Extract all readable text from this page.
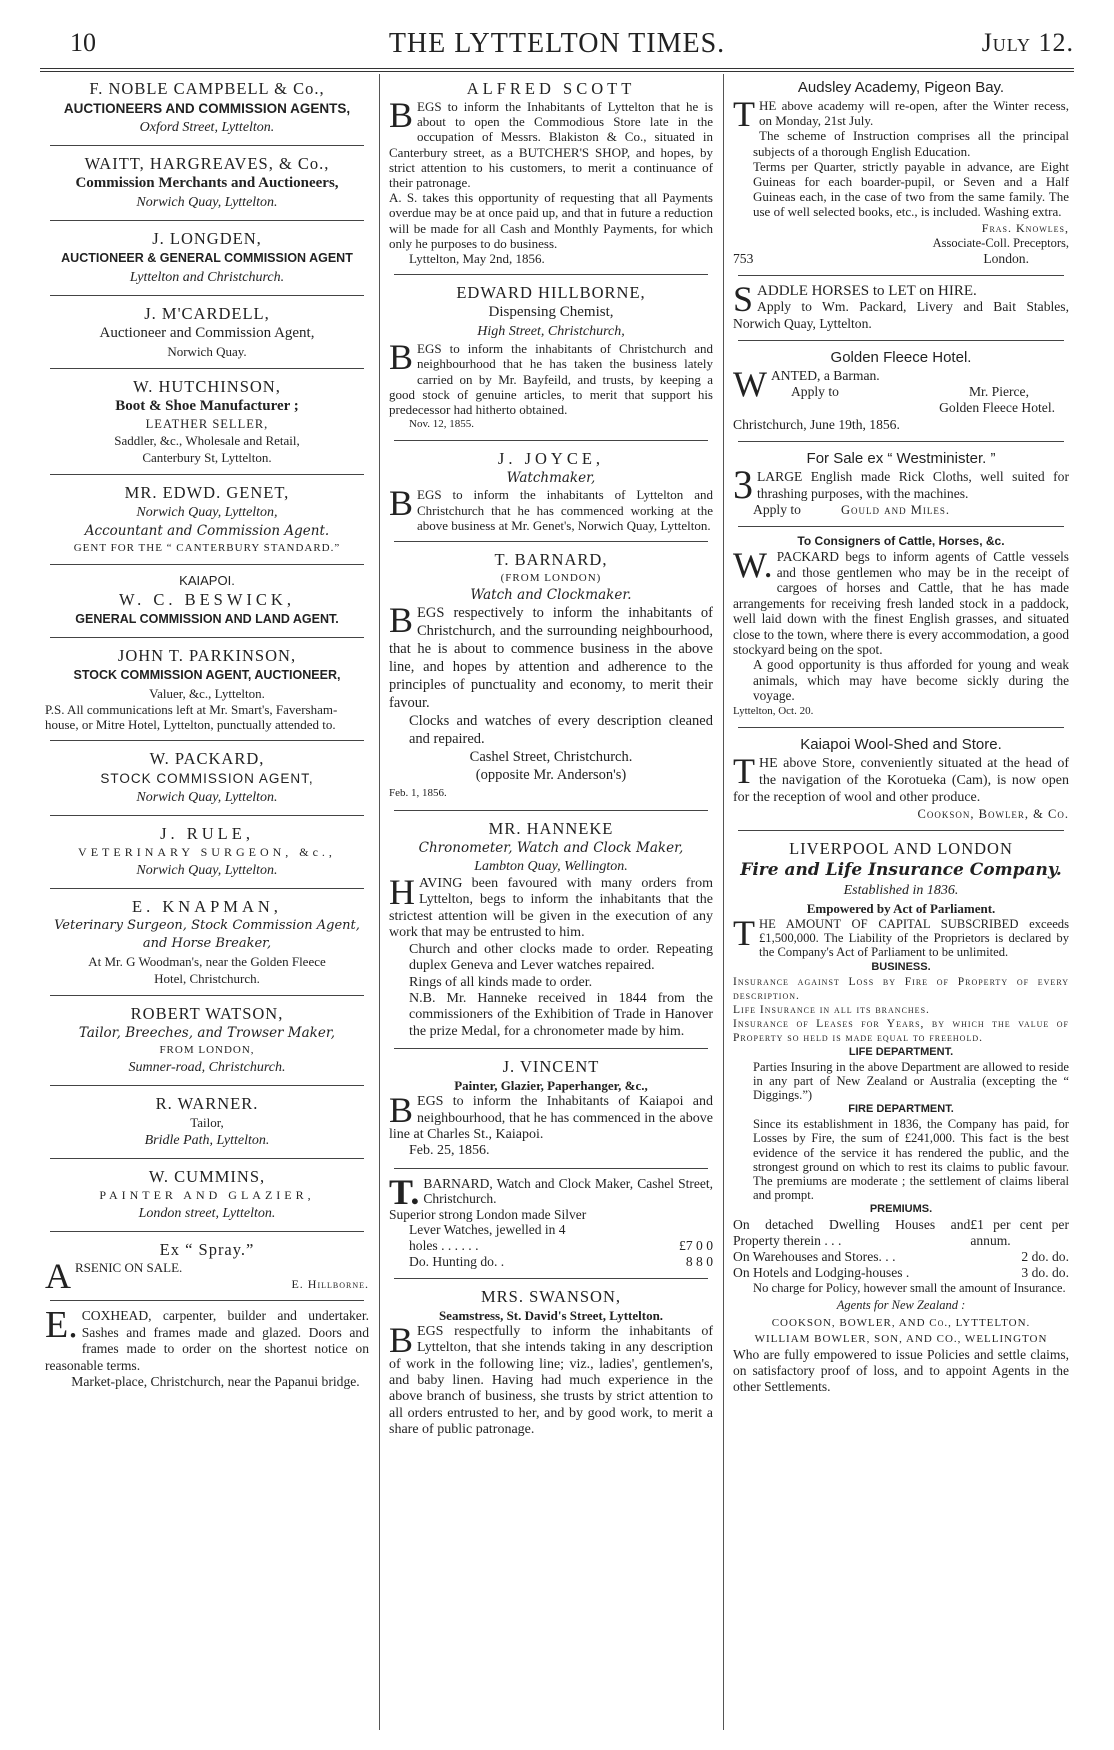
10	THE LYTTELTON TIMES.	July 12.
F. NOBLE CAMPBELL & Co.,
AUCTIONEERS AND COMMISSION AGENTS,
Oxford Street, Lyttelton.
WAITT, HARGREAVES, & Co.,
Commission Merchants and Auctioneers,
Norwich Quay, Lyttelton.
J. LONGDEN,
AUCTIONEER & GENERAL COMMISSION AGENT
Lyttelton and Christchurch.
J. M'CARDELL,
Auctioneer and Commission Agent,
Norwich Quay.
W. HUTCHINSON,
Boot & Shoe Manufacturer ;
LEATHER SELLER,
Saddler, &c., Wholesale and Retail,
Canterbury St, Lyttelton.
MR. EDWD. GENET,
Norwich Quay, Lyttelton,
Accountant and Commission Agent.
GENT FOR THE “ CANTERBURY STANDARD.”
KAIAPOI.
W. C. BESWICK,
GENERAL COMMISSION AND LAND AGENT.
JOHN T. PARKINSON,
STOCK COMMISSION AGENT, AUCTIONEER,
Valuer, &c., Lyttelton.
P.S. All communications left at Mr. Smart's, Faversham-house, or Mitre Hotel, Lyttelton, punctually attended to.
W. PACKARD,
STOCK COMMISSION AGENT,
Norwich Quay, Lyttelton.
J. RULE,
VETERINARY SURGEON, &c.,
Norwich Quay, Lyttelton.
E. KNAPMAN,
Veterinary Surgeon, Stock Commission Agent,
and Horse Breaker,
At Mr. G Woodman's, near the Golden Fleece
Hotel, Christchurch.
ROBERT WATSON,
Tailor, Breeches, and Trowser Maker,
FROM LONDON,
Sumner-road, Christchurch.
R. WARNER.
Tailor,
Bridle Path, Lyttelton.
W. CUMMINS,
PAINTER AND GLAZIER,
London street, Lyttelton.
Ex “ Spray.”
A RSENIC ON SALE.
E. Hillborne.
E. COXHEAD, carpenter, builder and undertaker. Sashes and frames made and glazed. Doors and frames made to order on the shortest notice on reasonable terms.
Market-place, Christchurch, near the Papanui bridge.
ALFRED SCOTT
B EGS to inform the Inhabitants of Lyttelton that he is about to open the Commodious Store late in the occupation of Messrs. Blakiston & Co., situated in Canterbury street, as a BUTCHER'S SHOP, and hopes, by strict attention to his customers, to merit a continuance of their patronage.

A. S. takes this opportunity of requesting that all Payments overdue may be at once paid up, and that in future a reduction will be made for all Cash and Monthly Payments, for which only he purposes to do business.

Lyttelton, May 2nd, 1856.

EDWARD HILLBORNE,
Dispensing Chemist,
High Street, Christchurch,
B EGS to inform the inhabitants of Christchurch and neighbourhood that he has taken the business lately carried on by Mr. Bayfeild, and trusts, by keeping a good stock of genuine articles, to merit that support his predecessor had hitherto obtained.

Nov. 12, 1855.

J. JOYCE,
Watchmaker,
B EGS to inform the inhabitants of Lyttelton and Christchurch that he has commenced working at the above business at Mr. Genet's, Norwich Quay, Lyttelton.
T. BARNARD,
(FROM LONDON)
Watch and Clockmaker.
B EGS respectively to inform the inhabitants of Christchurch, and the surrounding neighbourhood, that he is about to commence business in the above line, and hopes by attention and adherence to the principles of punctuality and economy, to merit their favour.

Clocks and watches of every description cleaned and repaired.

Cashel Street, Christchurch.

(opposite Mr. Anderson's)

Feb. 1, 1856.

MR. HANNEKE
Chronometer, Watch and Clock Maker,
Lambton Quay, Wellington.
H AVING been favoured with many orders from Lyttelton, begs to inform the inhabitants that the strictest attention will be given in the execution of any work that may be entrusted to him.

Church and other clocks made to order. Repeating duplex Geneva and Lever watches repaired.

Rings of all kinds made to order.

N.B. Mr. Hanneke received in 1844 from the commissioners of the Exhibition of Trade in Hanover the prize Medal, for a chronometer made by him.

J. VINCENT
Painter, Glazier, Paperhanger, &c.,
B EGS to inform the Inhabitants of Kaiapoi and neighbourhood, that he has commenced in the above line at Charles St., Kaiapoi.

Feb. 25, 1856.

T. BARNARD, Watch and Clock Maker, Cashel Street, Christchurch.

Superior strong London made Silver

Lever Watches, jewelled in 4

holes . . . . . .	£7 0 0
Do. Hunting do. .	8 8 0
MRS. SWANSON,
Seamstress, St. David's Street, Lyttelton.
B EGS respectfully to inform the inhabitants of Lyttelton, that she intends taking in any description of work in the following line; viz., ladies', gentlemen's, and baby linen. Having had much experience in the above branch of business, she trusts by strict attention to all orders entrusted to her, and by good work, to merit a share of public patronage.
Audsley Academy, Pigeon Bay.
T HE above academy will re-open, after the Winter recess, on Monday, 21st July.

The scheme of Instruction comprises all the principal subjects of a thorough English Education.

Terms per Quarter, strictly payable in advance, are Eight Guineas for each boarder-pupil, or Seven and a Half Guineas each, in the case of two from the same family. The use of well selected books, etc., is included. Washing extra.

Fras. Knowles,

Associate-Coll. Preceptors,

753	London.
S ADDLE HORSES to LET on HIRE.

Apply to Wm. Packard, Livery and Bait Stables, Norwich Quay, Lyttelton.

Golden Fleece Hotel.
W ANTED, a Barman.
Apply to	Mr. Pierce,

Golden Fleece Hotel.

Christchurch, June 19th, 1856.

For Sale ex “ Westminister. ”
3 LARGE English made Rick Cloths, well suited for thrashing purposes, with the machines.
Apply to	Gould and Miles.
To Consigners of Cattle, Horses, &c.
W. PACKARD begs to inform agents of Cattle vessels and those gentlemen who may be in the receipt of cargoes of horses and Cattle, that he has made arrangements for receiving fresh landed stock in a paddock, well laid down with the finest English grasses, and situated close to the town, where there is every accommodation, a good stockyard being on the spot.

A good opportunity is thus afforded for young and weak animals, which may have become sickly during the voyage.

Lyttelton, Oct. 20.

Kaiapoi Wool-Shed and Store.
T HE above Store, conveniently situated at the head of the navigation of the Korotueka (Cam), is now open for the reception of wool and other produce.

Cookson, Bowler, & Co.

LIVERPOOL AND LONDON
Fire and Life Insurance Company.
Established in 1836.
Empowered by Act of Parliament.
T HE AMOUNT OF CAPITAL SUBSCRIBED exceeds £1,500,000. The Liability of the Proprietors is declared by the Company's Act of Parliament to be unlimited.

BUSINESS.

Insurance against Loss by Fire of Property of every description.

Life Insurance in all its branches.

Insurance of Leases for Years, by which the value of Property so held is made equal to freehold.

LIFE DEPARTMENT.

Parties Insuring in the above Department are allowed to reside in any part of New Zealand or Australia (excepting the “ Diggings.”)

FIRE DEPARTMENT.

Since its establishment in 1836, the Company has paid, for Losses by Fire, the sum of £241,000. This fact is the best evidence of the service it has rendered the public, and the strongest ground on which to rest its claims to public favour. The premiums are moderate ; the settlement of claims liberal and prompt.

PREMIUMS.

On detached Dwelling Houses and Property therein . . .
£1 per cent per annum.
On Warehouses and Stores. . .	2 do. do.
On Hotels and Lodging-houses .	3 do. do.

No charge for Policy, however small the amount of Insurance.

Agents for New Zealand :

COOKSON, BOWLER, AND Co., LYTTELTON.

WILLIAM BOWLER, SON, AND CO., WELLINGTON

Who are fully empowered to issue Policies and settle claims, on satisfactory proof of loss, and to appoint Agents in the other Settlements.
